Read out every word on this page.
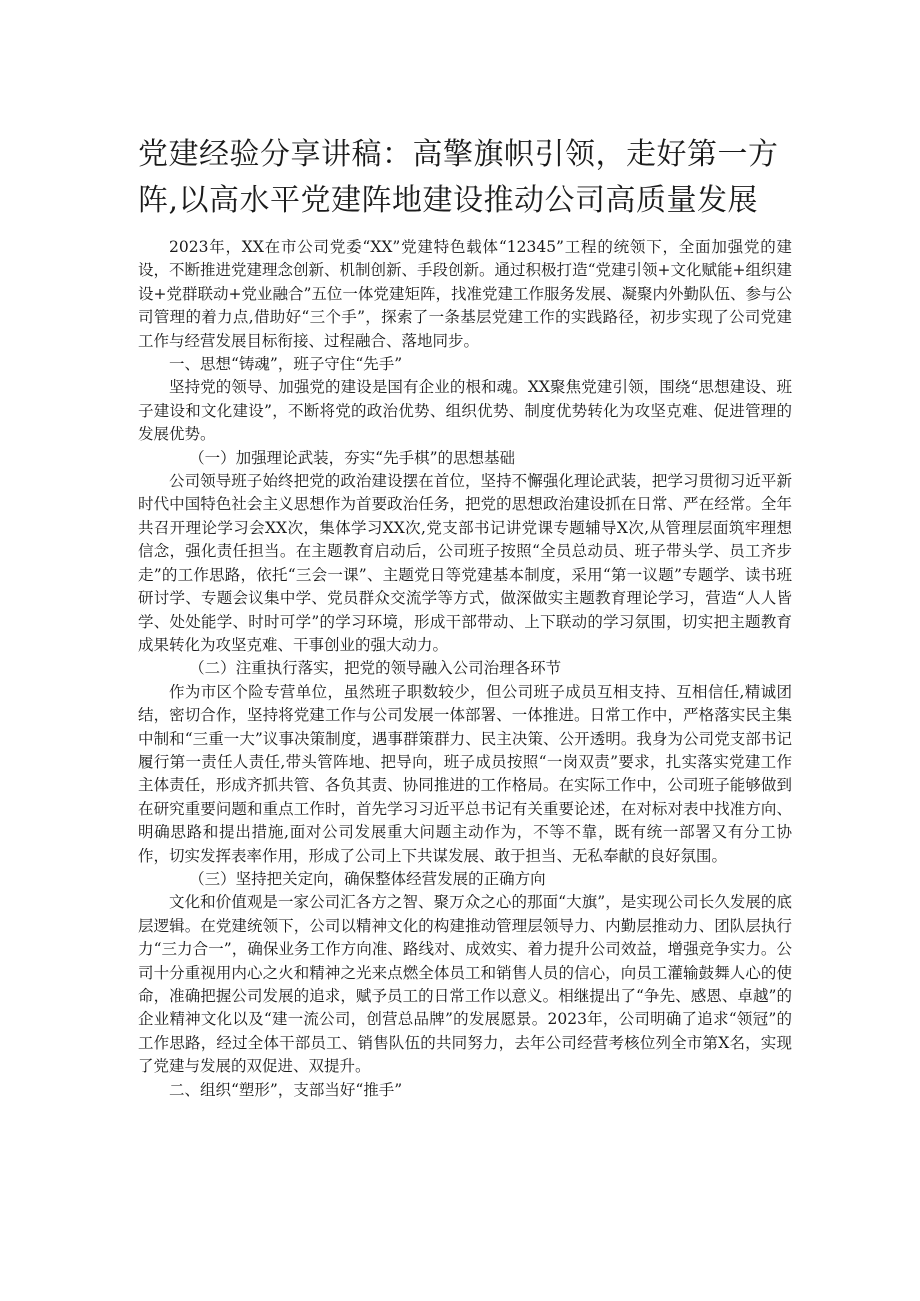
党建经验分享讲稿：高擎旗帜引领，走好第一方阵,以高水平党建阵地建设推动公司高质量发展

2023年，XX在市公司党委“XX”党建特色载体“12345”工程的统领下，全面加强党的建设，不断推进党建理念创新、机制创新、手段创新。通过积极打造“党建引领+文化赋能+组织建设+党群联动+党业融合”五位一体党建矩阵，找准党建工作服务发展、凝聚内外勤队伍、参与公司管理的着力点,借助好“三个手”，探索了一条基层党建工作的实践路径，初步实现了公司党建工作与经营发展目标衔接、过程融合、落地同步。

一、思想“铸魂”，班子守住“先手”

坚持党的领导、加强党的建设是国有企业的根和魂。XX聚焦党建引领，围绕“思想建设、班子建设和文化建设”，不断将党的政治优势、组织优势、制度优势转化为攻坚克难、促进管理的发展优势。

（一）加强理论武装，夯实“先手棋”的思想基础

公司领导班子始终把党的政治建设摆在首位，坚持不懈强化理论武装，把学习贯彻习近平新时代中国特色社会主义思想作为首要政治任务，把党的思想政治建设抓在日常、严在经常。全年共召开理论学习会XX次，集体学习XX次,党支部书记讲党课专题辅导X次,从管理层面筑牢理想信念，强化责任担当。在主题教育启动后，公司班子按照“全员总动员、班子带头学、员工齐步走”的工作思路，依托“三会一课”、主题党日等党建基本制度，采用“第一议题”专题学、读书班研讨学、专题会议集中学、党员群众交流学等方式，做深做实主题教育理论学习，营造“人人皆学、处处能学、时时可学”的学习环境，形成干部带动、上下联动的学习氛围，切实把主题教育成果转化为攻坚克难、干事创业的强大动力。

（二）注重执行落实，把党的领导融入公司治理各环节

作为市区个险专营单位，虽然班子职数较少，但公司班子成员互相支持、互相信任,精诚团结，密切合作，坚持将党建工作与公司发展一体部署、一体推进。日常工作中，严格落实民主集中制和“三重一大”议事决策制度，遇事群策群力、民主决策、公开透明。我身为公司党支部书记履行第一责任人责任,带头管阵地、把导向，班子成员按照“一岗双责”要求，扎实落实党建工作主体责任，形成齐抓共管、各负其责、协同推进的工作格局。在实际工作中，公司班子能够做到在研究重要问题和重点工作时，首先学习习近平总书记有关重要论述，在对标对表中找准方向、明确思路和提出措施,面对公司发展重大问题主动作为，不等不靠，既有统一部署又有分工协作，切实发挥表率作用，形成了公司上下共谋发展、敢于担当、无私奉献的良好氛围。

（三）坚持把关定向，确保整体经营发展的正确方向

文化和价值观是一家公司汇各方之智、聚万众之心的那面“大旗”，是实现公司长久发展的底层逻辑。在党建统领下，公司以精神文化的构建推动管理层领导力、内勤层推动力、团队层执行力“三力合一”，确保业务工作方向准、路线对、成效实、着力提升公司效益，增强竞争实力。公司十分重视用内心之火和精神之光来点燃全体员工和销售人员的信心，向员工灌输鼓舞人心的使命，准确把握公司发展的追求，赋予员工的日常工作以意义。相继提出了“争先、感恩、卓越”的企业精神文化以及“建一流公司，创营总品牌”的发展愿景。2023年，公司明确了追求“领冠”的工作思路，经过全体干部员工、销售队伍的共同努力，去年公司经营考核位列全市第X名，实现了党建与发展的双促进、双提升。

二、组织“塑形”，支部当好“推手”
